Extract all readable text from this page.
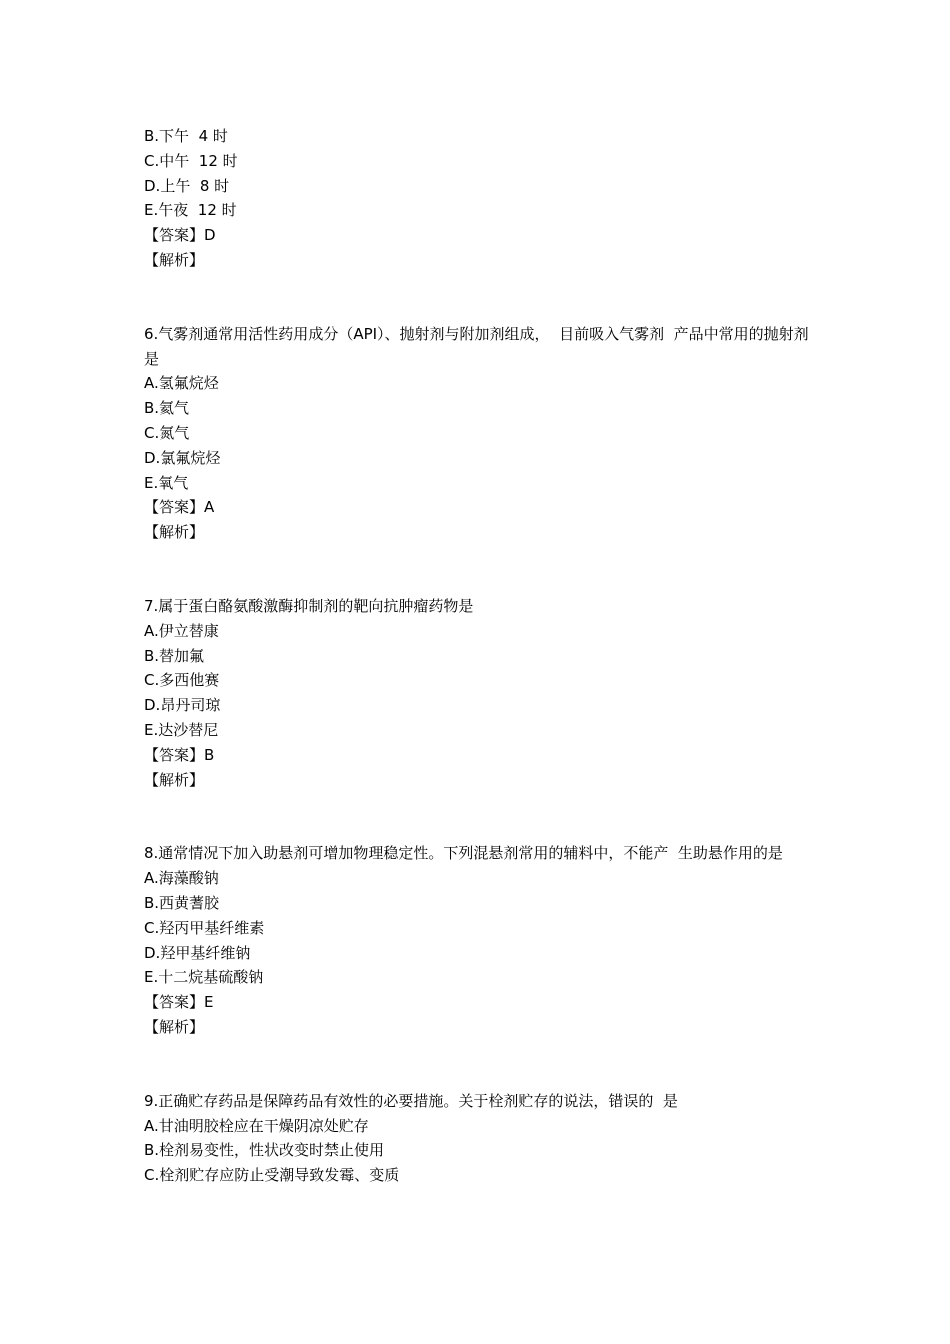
B.下午  4 时
C.中午  12 时
D.上午  8 时
E.午夜  12 时
【答案】D
【解析】
6.气雾剂通常用活性药用成分（API）、抛射剂与附加剂组成，  目前吸入气雾剂  产品中常用的抛射剂是
A.氢氟烷烃
B.氦气
C.氮气
D.氯氟烷烃
E.氧气
【答案】A
【解析】
7.属于蛋白酪氨酸激酶抑制剂的靶向抗肿瘤药物是
A.伊立替康
B.替加氟
C.多西他赛
D.昂丹司琼
E.达沙替尼
【答案】B
【解析】
8.通常情况下加入助悬剂可增加物理稳定性。下列混悬剂常用的辅料中，不能产  生助悬作用的是
A.海藻酸钠
B.西黄蓍胶
C.羟丙甲基纤维素
D.羟甲基纤维钠
E.十二烷基硫酸钠
【答案】E
【解析】
9.正确贮存药品是保障药品有效性的必要措施。关于栓剂贮存的说法，错误的  是
A.甘油明胶栓应在干燥阴凉处贮存
B.栓剂易变性，性状改变时禁止使用
C.栓剂贮存应防止受潮导致发霉、变质
